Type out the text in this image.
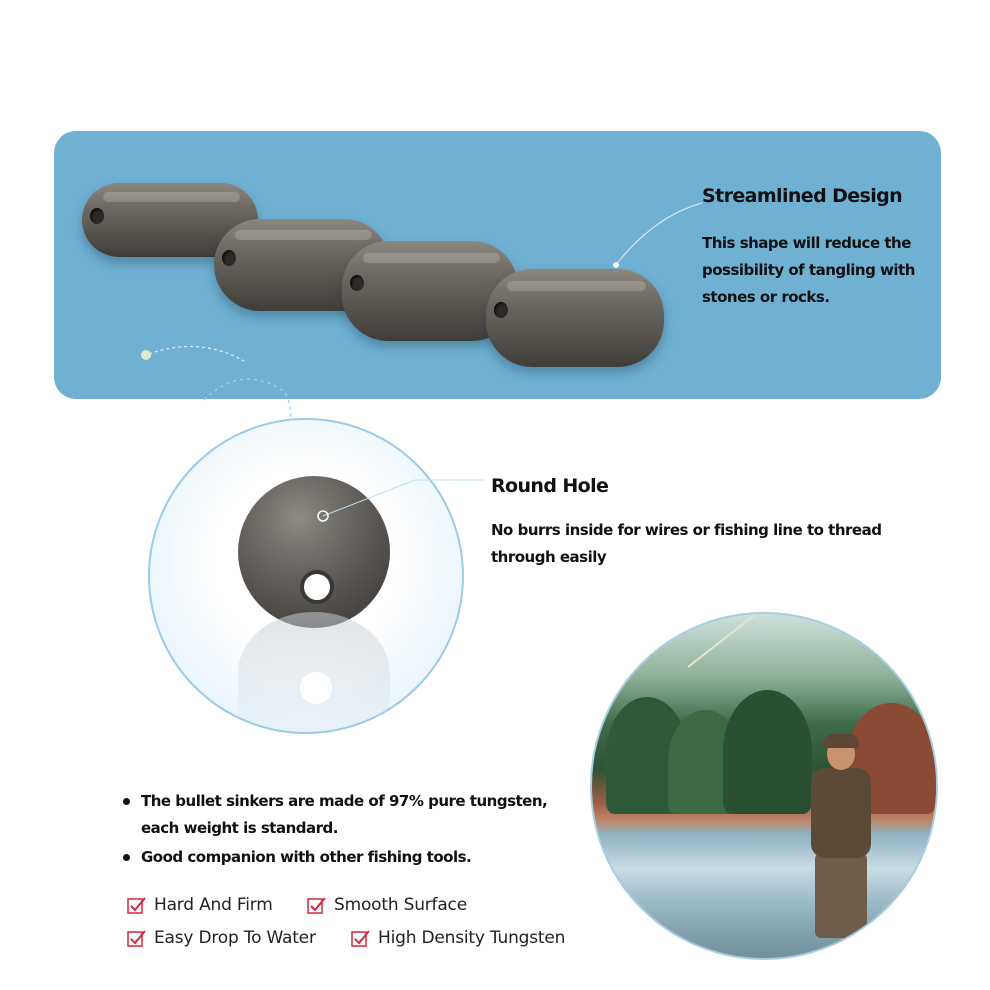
Streamlined Design
This shape will reduce the possibility of tangling with stones or rocks.
Round Hole
No burrs inside for wires or fishing line to thread through easily
The bullet sinkers are made of 97% pure tungsten, each weight is standard.
Good companion with other fishing tools.
Hard And Firm	Smooth Surface
Easy Drop To Water	High Density Tungsten
